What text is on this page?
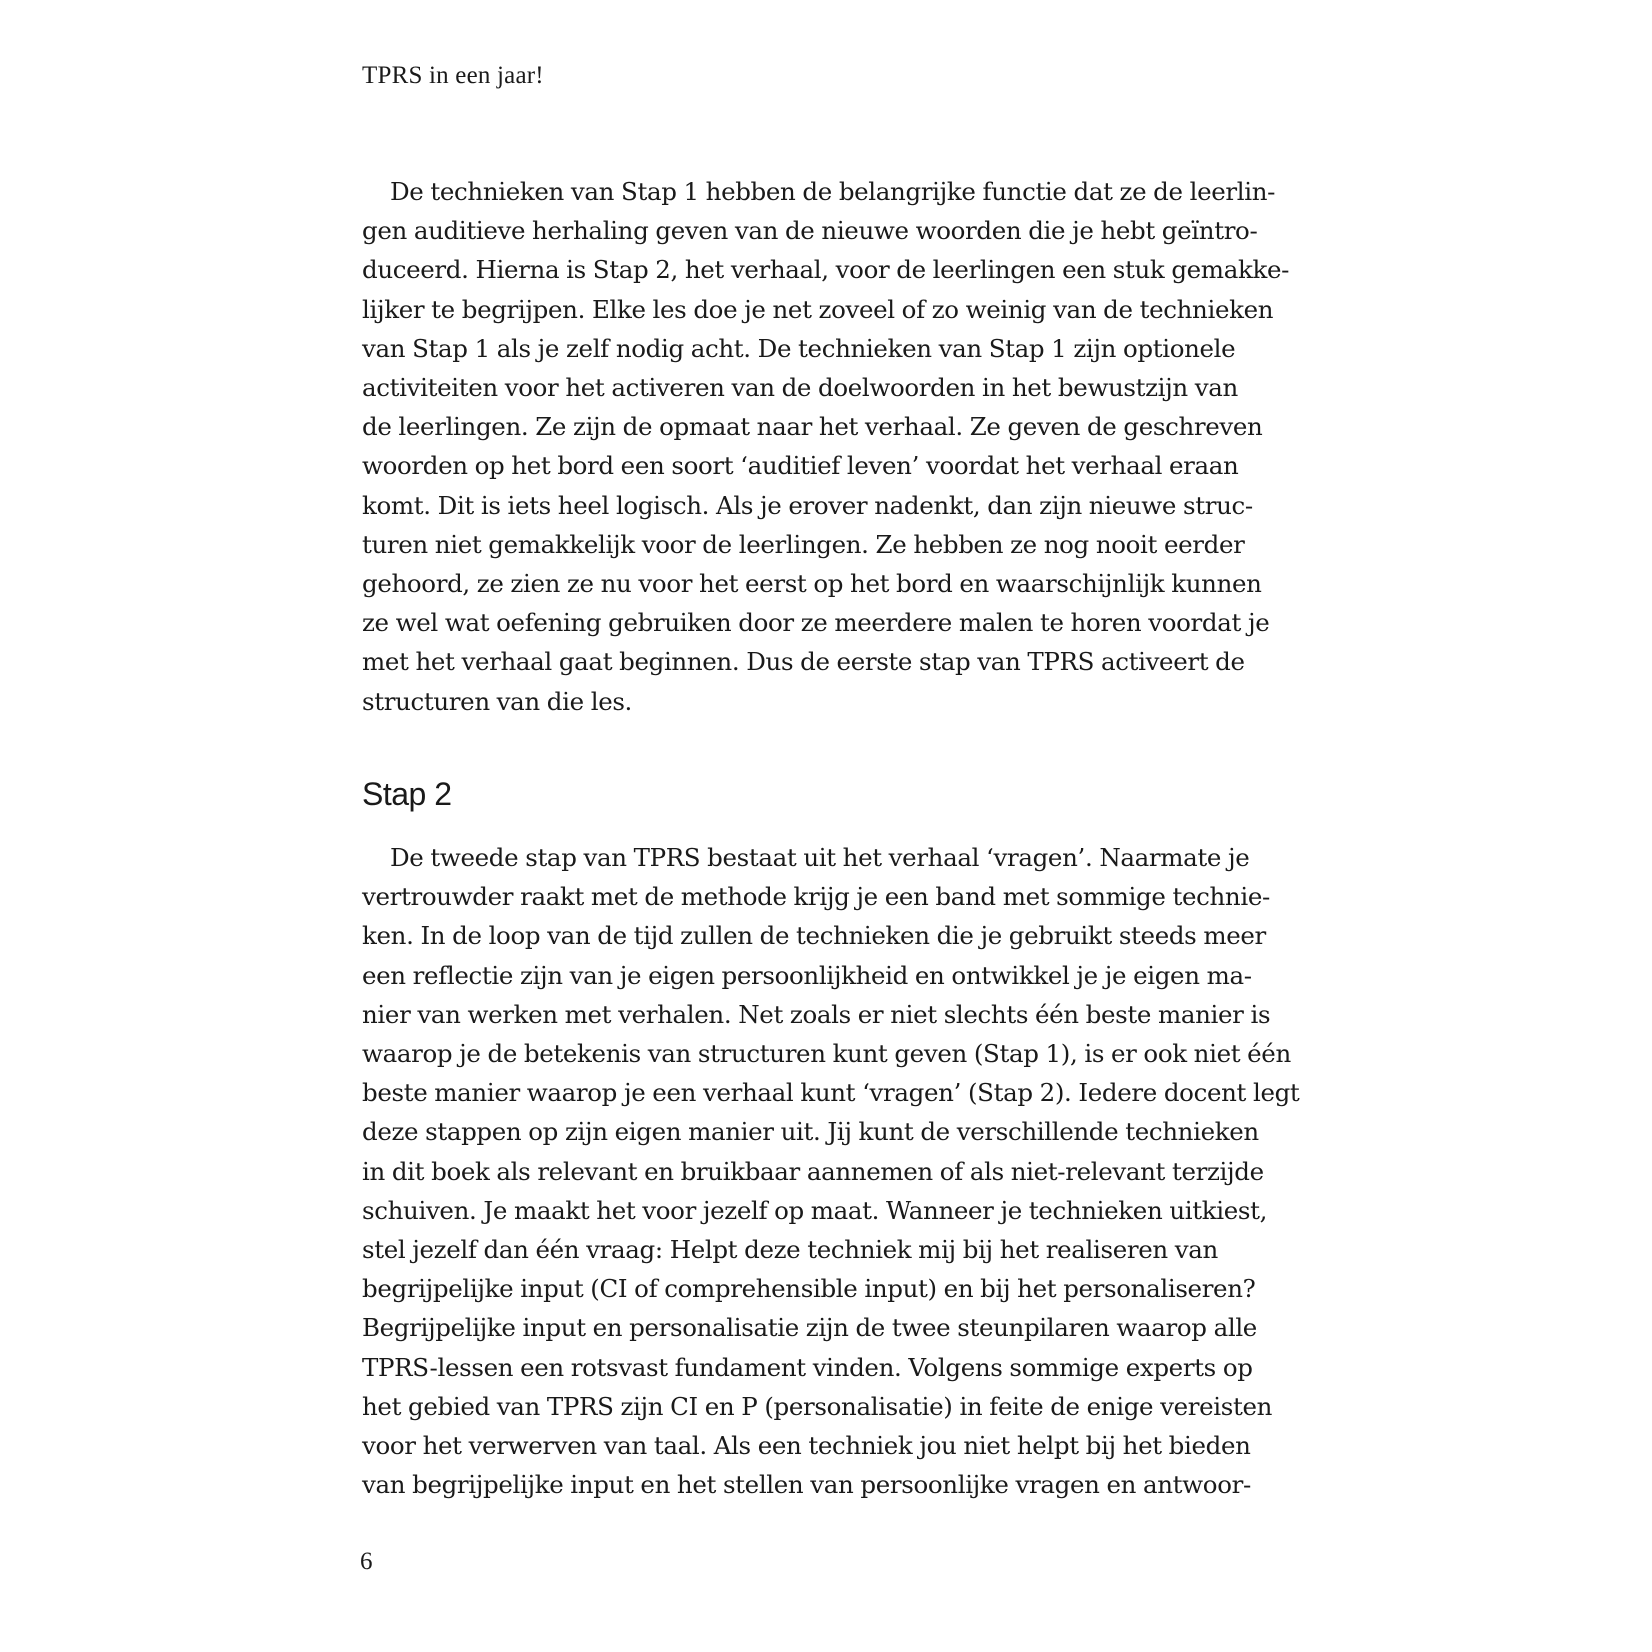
TPRS in een jaar!
De technieken van Stap 1 hebben de belangrijke functie dat ze de leerlin-
gen auditieve herhaling geven van de nieuwe woorden die je hebt geïntro-
duceerd. Hierna is Stap 2, het verhaal, voor de leerlingen een stuk gemakke-
lijker te begrijpen. Elke les doe je net zoveel of zo weinig van de technieken
van Stap 1 als je zelf nodig acht. De technieken van Stap 1 zijn optionele
activiteiten voor het activeren van de doelwoorden in het bewustzijn van
de leerlingen. Ze zijn de opmaat naar het verhaal. Ze geven de geschreven
woorden op het bord een soort ‘auditief leven’ voordat het verhaal eraan
komt. Dit is iets heel logisch. Als je erover nadenkt, dan zijn nieuwe struc-
turen niet gemakkelijk voor de leerlingen. Ze hebben ze nog nooit eerder
gehoord, ze zien ze nu voor het eerst op het bord en waarschijnlijk kunnen
ze wel wat oefening gebruiken door ze meerdere malen te horen voordat je
met het verhaal gaat beginnen. Dus de eerste stap van TPRS activeert de
structuren van die les.
Stap 2
De tweede stap van TPRS bestaat uit het verhaal ‘vragen’. Naarmate je
vertrouwder raakt met de methode krijg je een band met sommige technie-
ken. In de loop van de tijd zullen de technieken die je gebruikt steeds meer
een reflectie zijn van je eigen persoonlijkheid en ontwikkel je je eigen ma-
nier van werken met verhalen. Net zoals er niet slechts één beste manier is
waarop je de betekenis van structuren kunt geven (Stap 1), is er ook niet één
beste manier waarop je een verhaal kunt ‘vragen’ (Stap 2). Iedere docent legt
deze stappen op zijn eigen manier uit. Jij kunt de verschillende technieken
in dit boek als relevant en bruikbaar aannemen of als niet-relevant terzijde
schuiven. Je maakt het voor jezelf op maat. Wanneer je technieken uitkiest,
stel jezelf dan één vraag: Helpt deze techniek mij bij het realiseren van
begrijpelijke input (CI of comprehensible input) en bij het personaliseren?
Begrijpelijke input en personalisatie zijn de twee steunpilaren waarop alle
TPRS-lessen een rotsvast fundament vinden. Volgens sommige experts op
het gebied van TPRS zijn CI en P (personalisatie) in feite de enige vereisten
voor het verwerven van taal. Als een techniek jou niet helpt bij het bieden
van begrijpelijke input en het stellen van persoonlijke vragen en antwoor-
6
